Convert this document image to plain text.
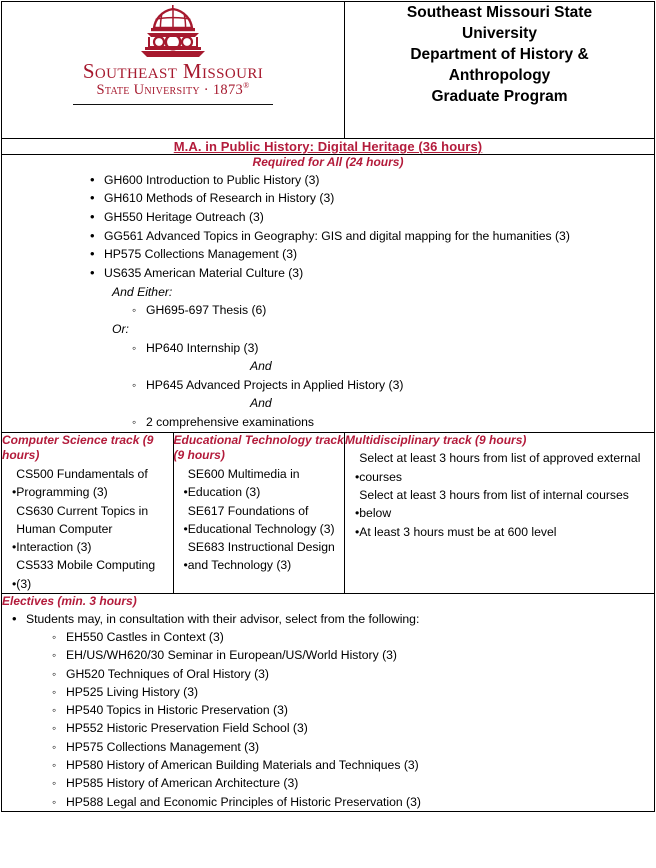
Southeast Missouri
State University · 1873®

Southeast Missouri State
University
Department of History &
Anthropology
Graduate Program

M.A. in Public History: Digital Heritage (36 hours)		

Required for All (24 hours)
• GH600 Introduction to Public History (3)
• GH610 Methods of Research in History (3)
• GH550 Heritage Outreach (3)
• GG561 Advanced Topics in Geography: GIS and digital mapping for the humanities (3)
• HP575 Collections Management (3)
• US635 American Material Culture (3)
And Either:
◦ GH695-697 Thesis (6)
Or:
◦ HP640 Internship (3)
And
◦ HP645 Advanced Projects in Applied History (3)
And
◦ 2 comprehensive examinations

Computer Science track (9 hours)
• CS500 Fundamentals of Programming (3)
• CS630 Current Topics in Human Computer Interaction (3)
• CS533 Mobile Computing (3)

Educational Technology track (9 hours)
• SE600 Multimedia in Education (3)
• SE617 Foundations of Educational Technology (3)
• SE683 Instructional Design and Technology (3)

Multidisciplinary track (9 hours)
• Select at least 3 hours from list of approved external courses
• Select at least 3 hours from list of internal courses below
• At least 3 hours must be at 600 level

Electives (min. 3 hours)
• Students may, in consultation with their advisor, select from the following:
◦ EH550 Castles in Context (3)
◦ EH/US/WH620/30 Seminar in European/US/World History (3)
◦ GH520 Techniques of Oral History (3)
◦ HP525 Living History (3)
◦ HP540 Topics in Historic Preservation (3)
◦ HP552 Historic Preservation Field School (3)
◦ HP575 Collections Management (3)
◦ HP580 History of American Building Materials and Techniques (3)
◦ HP585 History of American Architecture (3)
◦ HP588 Legal and Economic Principles of Historic Preservation (3)
